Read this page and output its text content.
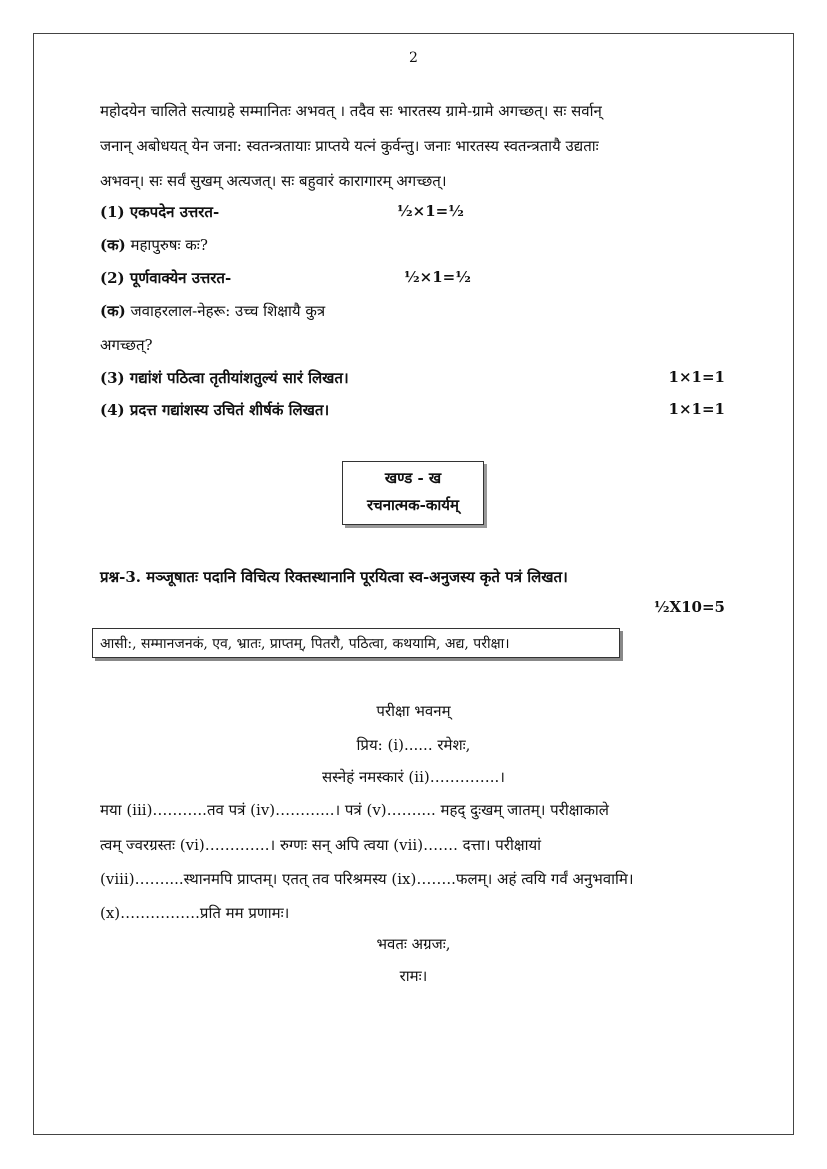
2
महोदयेन चालिते सत्याग्रहे सम्मानितः अभवत् । तदैव सः भारतस्य ग्रामे-ग्रामे अगच्छत्। सः सर्वान्
जनान् अबोधयत् येन जना: स्वतन्त्रतायाः प्राप्तये यत्नं कुर्वन्तु। जनाः भारतस्य स्वतन्त्रतायै उद्यताः
अभवन्। सः सर्वं सुखम् अत्यजत्। सः बहुवारं कारागारम् अगच्छत्।
(1) एकपदेन उत्तरत-	½×1=½
(क) महापुरुषः कः?
(2) पूर्णवाक्येन उत्तरत-	½×1=½
(क) जवाहरलाल-नेहरू: उच्च शिक्षायै कुत्र
अगच्छत्?
(3) गद्यांशं पठित्वा तृतीयांशतुल्यं सारं लिखत।	1×1=1
(4) प्रदत्त गद्यांशस्य उचितं शीर्षकं लिखत।	1×1=1
खण्ड - ख
रचनात्मक-कार्यम्
प्रश्न-3. मञ्जूषातः पदानि विचित्य रिक्तस्थानानि पूरयित्वा स्व-अनुजस्य कृते पत्रं लिखत।
½X10=5
आसी:, सम्मानजनकं, एव, भ्रातः, प्राप्तम्, पितरौ, पठित्वा, कथयामि, अद्य, परीक्षा।
परीक्षा भवनम्
प्रिय: (i)...... रमेशः,
सस्नेहं नमस्कारं (ii)…………..।
मया (iii)………..तव पत्रं (iv)………...। पत्रं (v)…….... महद् दुःखम् जातम्। परीक्षाकाले
त्वम् ज्वरग्रस्तः (vi)………….। रुग्णः सन् अपि त्वया (vii)……. दत्ता। परीक्षायां
(viii)……....स्थानमपि प्राप्तम्। एतत् तव परिश्रमस्य (ix)……..फलम्। अहं त्वयि गर्वं अनुभवामि।
(x)…………….प्रति मम प्रणामः।
भवतः अग्रजः,
रामः।
